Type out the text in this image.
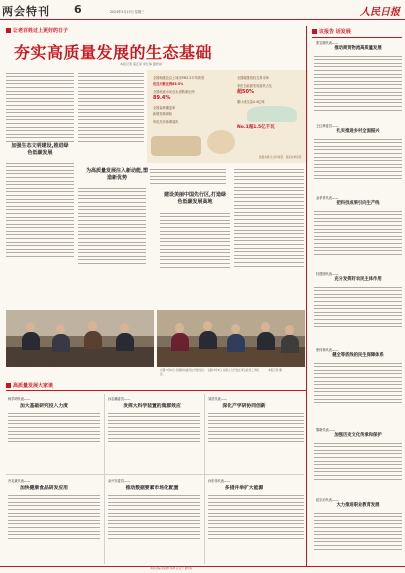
两会特刊 6	2024年3月13日 星期三	人民日报
让老百姓过上更好的日子
夯实高质量发展的生态基础
本报记者 寇江泽 李红梅 董丝雨
全国地级及以上城市PM2.5平均浓度
优良天数比例85.5%
全国地表水优良水质断面比例
89.4%
全国森林覆盖率
新增造林面积
风电光伏新增装机
No.1超1.5亿千瓦
全国碳排放权交易市场
非化石能源发电装机占比
超50%
累计成交量4.4亿吨
数据来源:生态环境部、国家林草局等
加强生态文明建设,推进绿色低碳发展
为高质量发展注入新动能,塑造新优势
建设美丽中国先行区,打造绿色低碳发展高地
左图:3月6日,全国政协委员在分组讨论。 右图:3月8日,全国人大代表在审议政府工作报告。
本报记者 摄
高质量发展大家谈
杨学明代表——
加大基础研究投入力度
孙志鹏委员——
发挥大科学装置的集群效应
刘武代表——
深化产学研协同创新
冷友斌代表——
加快健康食品研发应用
余兴安委员——
推动数据要素市场化配置
孙东伟代表——
多措并举扩大能源
议报告 话发展
张宝顺代表——
推动商贸物流高质量发展
王红珍委员——
扎实推进乡村全面振兴
金孝祥代表——
把科技成果引向生产线
杜建刚代表——
充分发挥好农民主体作用
张伟杨代表——
健全等底线的民生保障体系
黎晓代表——
加强历史文化传承和保护
赵宗治代表——
大力推进职业教育发展
本版责编:黄超群 杨林 宣亚力 董丝雨
